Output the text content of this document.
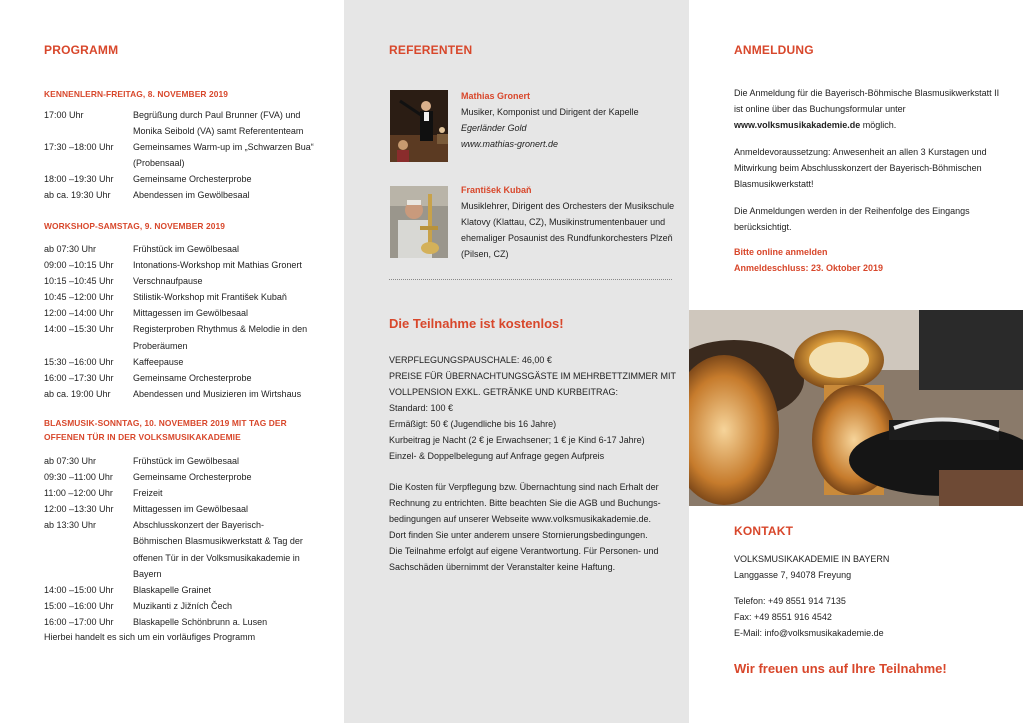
PROGRAMM
KENNENLERN-FREITAG, 8. NOVEMBER 2019
17:00 Uhr	Begrüßung durch Paul Brunner (FVA) und Monika Seibold (VA) samt Referententeam
17:30 –18:00 Uhr	Gemeinsames Warm-up im „Schwarzen Bua“ (Probensaal)
18:00 –19:30 Uhr	Gemeinsame Orchesterprobe
ab ca. 19:30 Uhr	Abendessen im Gewölbesaal
WORKSHOP-SAMSTAG, 9. NOVEMBER 2019
ab 07:30 Uhr	Frühstück im Gewölbesaal
09:00 –10:15 Uhr	Intonations-Workshop mit Mathias Gronert
10:15 –10:45 Uhr	Verschnaufpause
10:45 –12:00 Uhr	Stilistik-Workshop mit František Kubaň
12:00 –14:00 Uhr	Mittagessen im Gewölbesaal
14:00 –15:30 Uhr	Registerproben Rhythmus & Melodie in den Proberäumen
15:30 –16:00 Uhr	Kaffeepause
16:00 –17:30 Uhr	Gemeinsame Orchesterprobe
ab ca. 19:00 Uhr	Abendessen und Musizieren im Wirtshaus
BLASMUSIK-SONNTAG, 10. NOVEMBER 2019 MIT TAG DER OFFENEN TÜR IN DER VOLKSMUSIKAKADEMIE
ab 07:30 Uhr	Frühstück im Gewölbesaal
09:30 –11:00 Uhr	Gemeinsame Orchesterprobe
11:00 –12:00 Uhr	Freizeit
12:00 –13:30 Uhr	Mittagessen im Gewölbesaal
ab 13:30 Uhr	Abschlusskonzert der Bayerisch-Böhmischen Blasmusikwerkstatt & Tag der offenen Tür in der Volksmusikakademie in Bayern
14:00 –15:00 Uhr	Blaskapelle Grainet
15:00 –16:00 Uhr	Muzikanti z Jižních Čech
16:00 –17:00 Uhr	Blaskapelle Schönbrunn a. Lusen
Hierbei handelt es sich um ein vorläufiges Programm
REFERENTEN
Mathias Gronert
Musiker, Komponist und Dirigent der Kapelle
Egerländer Gold
www.mathias-gronert.de
František Kubaň
Musiklehrer, Dirigent des Orchesters der Musikschule
Klatovy (Klattau, CZ), Musikinstrumentenbauer und
ehemaliger Posaunist des Rundfunkorchesters Plzeň
(Pilsen, CZ)
Die Teilnahme ist kostenlos!
VERPFLEGUNGSPAUSCHALE: 46,00 €
PREISE FÜR ÜBERNACHTUNGSGÄSTE IM MEHRBETTZIMMER MIT
VOLLPENSION EXKL. GETRÄNKE UND KURBEITRAG:
Standard: 100 €
Ermäßigt: 50 € (Jugendliche bis 16 Jahre)
Kurbeitrag je Nacht (2 € je Erwachsener; 1 € je Kind 6-17 Jahre)
Einzel- & Doppelbelegung auf Anfrage gegen Aufpreis
Die Kosten für Verpflegung bzw. Übernachtung sind nach Erhalt der
Rechnung zu entrichten. Bitte beachten Sie die AGB und Buchungs-
bedingungen auf unserer Webseite www.volksmusikakademie.de.
Dort finden Sie unter anderem unsere Stornierungsbedingungen.
Die Teilnahme erfolgt auf eigene Verantwortung. Für Personen- und
Sachschäden übernimmt der Veranstalter keine Haftung.
ANMELDUNG
Die Anmeldung für die Bayerisch-Böhmische Blasmusikwerkstatt II
ist online über das Buchungsformular unter
www.volksmusikakademie.de möglich.
Anmeldevoraussetzung: Anwesenheit an allen 3 Kurstagen und
Mitwirkung beim Abschlusskonzert der Bayerisch-Böhmischen
Blasmusikwerkstatt!
Die Anmeldungen werden in der Reihenfolge des Eingangs
berücksichtigt.
Bitte online anmelden
Anmeldeschluss: 23. Oktober 2019
KONTAKT
VOLKSMUSIKAKADEMIE IN BAYERN
Langgasse 7, 94078 Freyung
Telefon: +49 8551 914 7135
Fax: +49 8551 916 4542
E-Mail: info@volksmusikakademie.de
Wir freuen uns auf Ihre Teilnahme!
